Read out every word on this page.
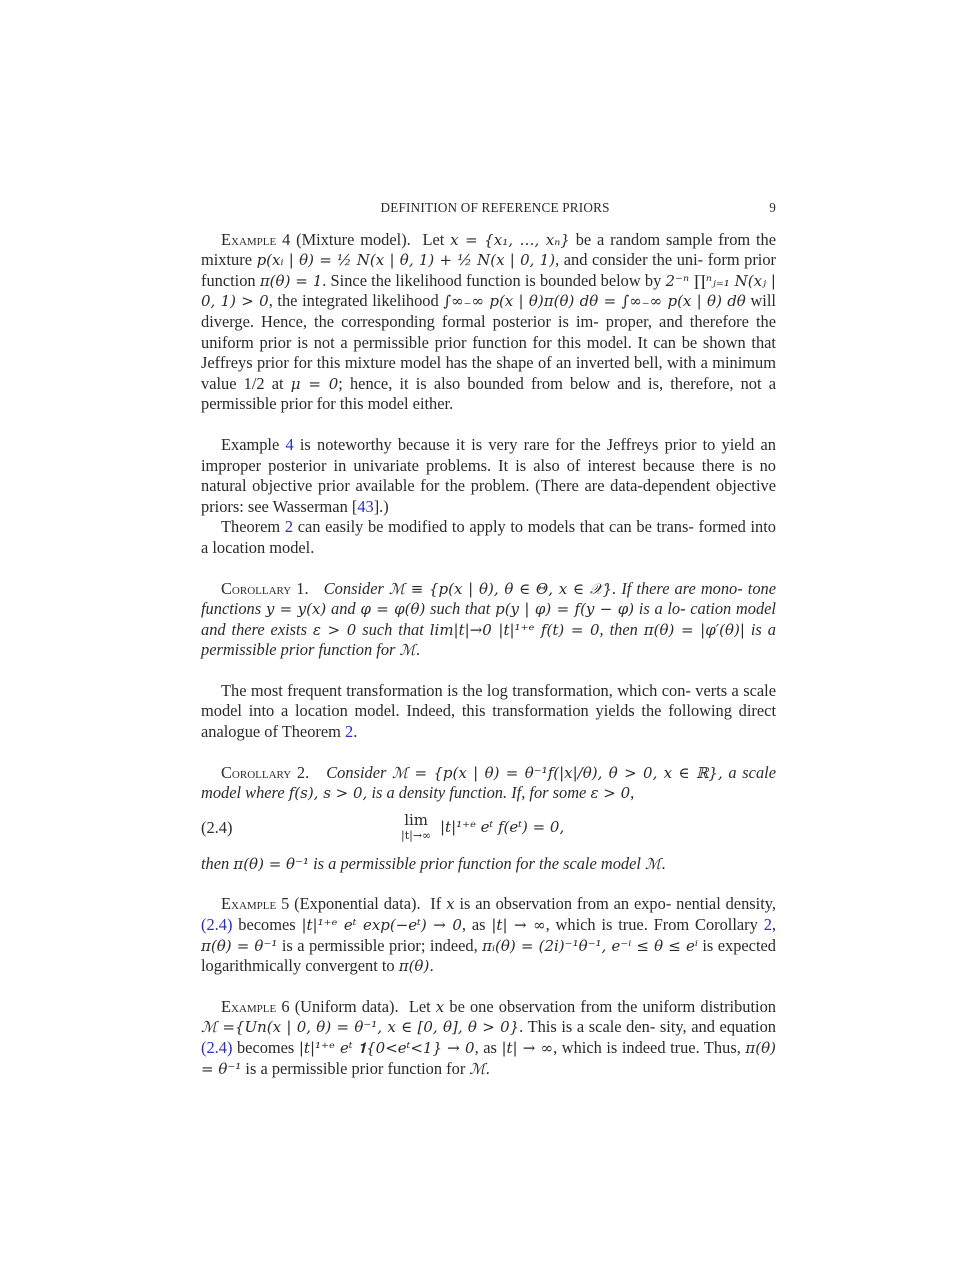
DEFINITION OF REFERENCE PRIORS	9

Example 4 (Mixture model). Let x = {x₁, …, xₙ} be a random sample from the mixture p(xᵢ | θ) = ½ N(x | θ, 1) + ½ N(x | 0, 1), and consider the uni- form prior function π(θ) = 1. Since the likelihood function is bounded below by 2⁻ⁿ ∏ⁿⱼ₌₁ N(xⱼ | 0, 1) > 0, the integrated likelihood ∫∞₋∞ p(x | θ)π(θ) dθ = ∫∞₋∞ p(x | θ) dθ will diverge. Hence, the corresponding formal posterior is im- proper, and therefore the uniform prior is not a permissible prior function for this model. It can be shown that Jeffreys prior for this mixture model has the shape of an inverted bell, with a minimum value 1/2 at μ = 0; hence, it is also bounded from below and is, therefore, not a permissible prior for this model either.

Example 4 is noteworthy because it is very rare for the Jeffreys prior to yield an improper posterior in univariate problems. It is also of interest because there is no natural objective prior available for the problem. (There are data-dependent objective priors: see Wasserman [43].)

Theorem 2 can easily be modified to apply to models that can be trans- formed into a location model.

Corollary 1. Consider ℳ ≡ {p(x | θ), θ ∈ Θ, x ∈ 𝒳}. If there are mono- tone functions y = y(x) and φ = φ(θ) such that p(y | φ) = f(y − φ) is a lo- cation model and there exists ε > 0 such that lim|t|→0 |t|¹⁺ᵉ f(t) = 0, then π(θ) = |φ′(θ)| is a permissible prior function for ℳ.

The most frequent transformation is the log transformation, which con- verts a scale model into a location model. Indeed, this transformation yields the following direct analogue of Theorem 2.

Corollary 2. Consider ℳ = {p(x | θ) = θ⁻¹f(|x|/θ), θ > 0, x ∈ ℝ}, a scale model where f(s), s > 0, is a density function. If, for some ε > 0,

(2.4)	lim
|t|→∞ |t|¹⁺ᵉ eᵗ f(eᵗ) = 0,

then π(θ) = θ⁻¹ is a permissible prior function for the scale model ℳ.

Example 5 (Exponential data). If x is an observation from an expo- nential density, (2.4) becomes |t|¹⁺ᵉ eᵗ exp(−eᵗ) → 0, as |t| → ∞, which is true. From Corollary 2, π(θ) = θ⁻¹ is a permissible prior; indeed, πᵢ(θ) = (2i)⁻¹θ⁻¹, e⁻ⁱ ≤ θ ≤ eⁱ is expected logarithmically convergent to π(θ).

Example 6 (Uniform data). Let x be one observation from the uniform distribution ℳ ={Un(x | 0, θ) = θ⁻¹, x ∈ [0, θ], θ > 0}. This is a scale den- sity, and equation (2.4) becomes |t|¹⁺ᵉ eᵗ 𝟏{0<eᵗ<1} → 0, as |t| → ∞, which is indeed true. Thus, π(θ) = θ⁻¹ is a permissible prior function for ℳ.
